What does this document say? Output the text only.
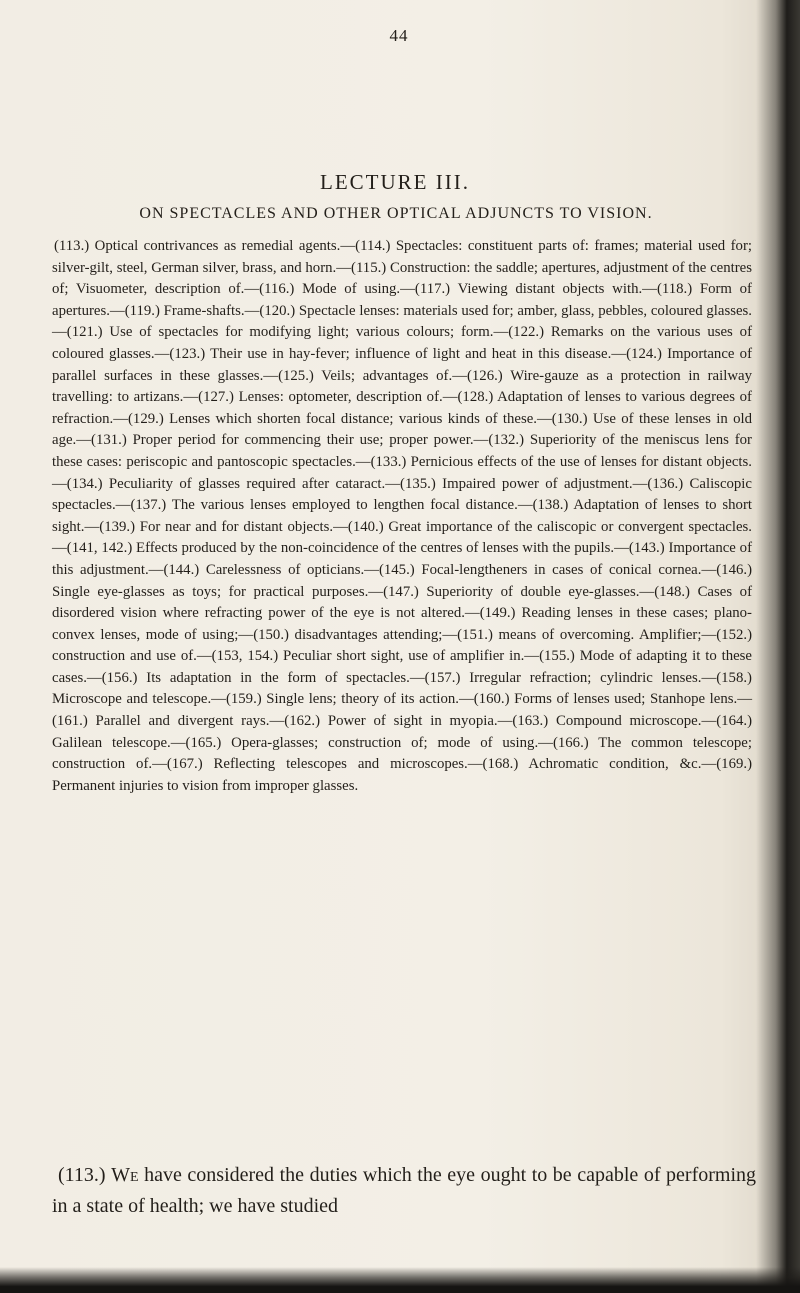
44
LECTURE III.
ON SPECTACLES AND OTHER OPTICAL ADJUNCTS TO VISION.
(113.) Optical contrivances as remedial agents.—(114.) Spectacles: constituent parts of: frames; material used for; silver-gilt, steel, German silver, brass, and horn.—(115.) Construction: the saddle; apertures, adjustment of the centres of; Visuometer, description of.—(116.) Mode of using.—(117.) Viewing distant objects with.—(118.) Form of apertures.—(119.) Frame-shafts.—(120.) Spectacle lenses: materials used for; amber, glass, pebbles, coloured glasses.—(121.) Use of spectacles for modifying light; various colours; form.—(122.) Remarks on the various uses of coloured glasses.—(123.) Their use in hay-fever; influence of light and heat in this disease.—(124.) Importance of parallel surfaces in these glasses.—(125.) Veils; advantages of.—(126.) Wire-gauze as a protection in railway travelling: to artizans.—(127.) Lenses: optometer, description of.—(128.) Adaptation of lenses to various degrees of refraction.—(129.) Lenses which shorten focal distance; various kinds of these.—(130.) Use of these lenses in old age.—(131.) Proper period for commencing their use; proper power.—(132.) Superiority of the meniscus lens for these cases: periscopic and pantoscopic spectacles.—(133.) Pernicious effects of the use of lenses for distant objects.—(134.) Peculiarity of glasses required after cataract.—(135.) Impaired power of adjustment.—(136.) Caliscopic spectacles.—(137.) The various lenses employed to lengthen focal distance.—(138.) Adaptation of lenses to short sight.—(139.) For near and for distant objects.—(140.) Great importance of the caliscopic or convergent spectacles.—(141, 142.) Effects produced by the non-coincidence of the centres of lenses with the pupils.—(143.) Importance of this adjustment.—(144.) Carelessness of opticians.—(145.) Focal-lengtheners in cases of conical cornea.—(146.) Single eye-glasses as toys; for practical purposes.—(147.) Superiority of double eye-glasses.—(148.) Cases of disordered vision where refracting power of the eye is not altered.—(149.) Reading lenses in these cases; plano-convex lenses, mode of using;—(150.) disadvantages attending;—(151.) means of overcoming. Amplifier;—(152.) construction and use of.—(153, 154.) Peculiar short sight, use of amplifier in.—(155.) Mode of adapting it to these cases.—(156.) Its adaptation in the form of spectacles.—(157.) Irregular refraction; cylindric lenses.—(158.) Microscope and telescope.—(159.) Single lens; theory of its action.—(160.) Forms of lenses used; Stanhope lens.—(161.) Parallel and divergent rays.—(162.) Power of sight in myopia.—(163.) Compound microscope.—(164.) Galilean telescope.—(165.) Opera-glasses; construction of; mode of using.—(166.) The common telescope; construction of.—(167.) Reflecting telescopes and microscopes.—(168.) Achromatic condition, &c.—(169.) Permanent injuries to vision from improper glasses.
(113.) We have considered the duties which the eye ought to be capable of performing in a state of health; we have studied
